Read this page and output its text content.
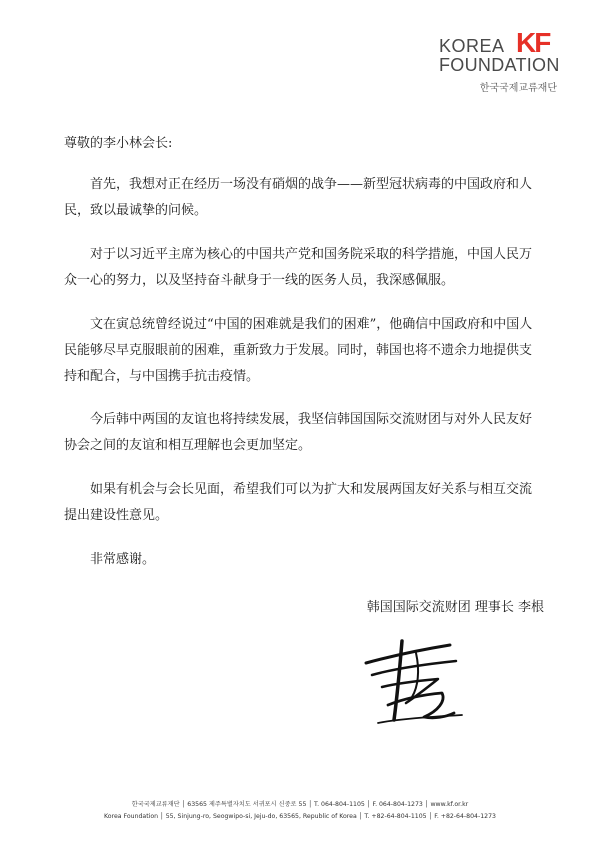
KOREA KF
FOUNDATION
한국국제교류재단
尊敬的李小林会长:
首先，我想对正在经历一场没有硝烟的战争——新型冠状病毒的中国政府和人民，致以最诚挚的问候。
对于以习近平主席为核心的中国共产党和国务院采取的科学措施，中国人民万众一心的努力，以及坚持奋斗献身于一线的医务人员，我深感佩服。
文在寅总统曾经说过“中国的困难就是我们的困难”，他确信中国政府和中国人民能够尽早克服眼前的困难，重新致力于发展。同时，韩国也将不遗余力地提供支持和配合，与中国携手抗击疫情。
今后韩中两国的友谊也将持续发展，我坚信韩国国际交流财团与对外人民友好协会之间的友谊和相互理解也会更加坚定。
如果有机会与会长见面，希望我们可以为扩大和发展两国友好关系与相互交流提出建设性意见。
非常感谢。
韩国国际交流财团 理事长 李根
한국국제교류재단 │ 63565 제주특별자치도 서귀포시 신중로 55 │ T. 064-804-1105 │ F. 064-804-1273 │ www.kf.or.kr
Korea Foundation │ 55, Sinjung-ro, Seogwipo-si, Jeju-do, 63565, Republic of Korea │ T. +82-64-804-1105 │ F. +82-64-804-1273
